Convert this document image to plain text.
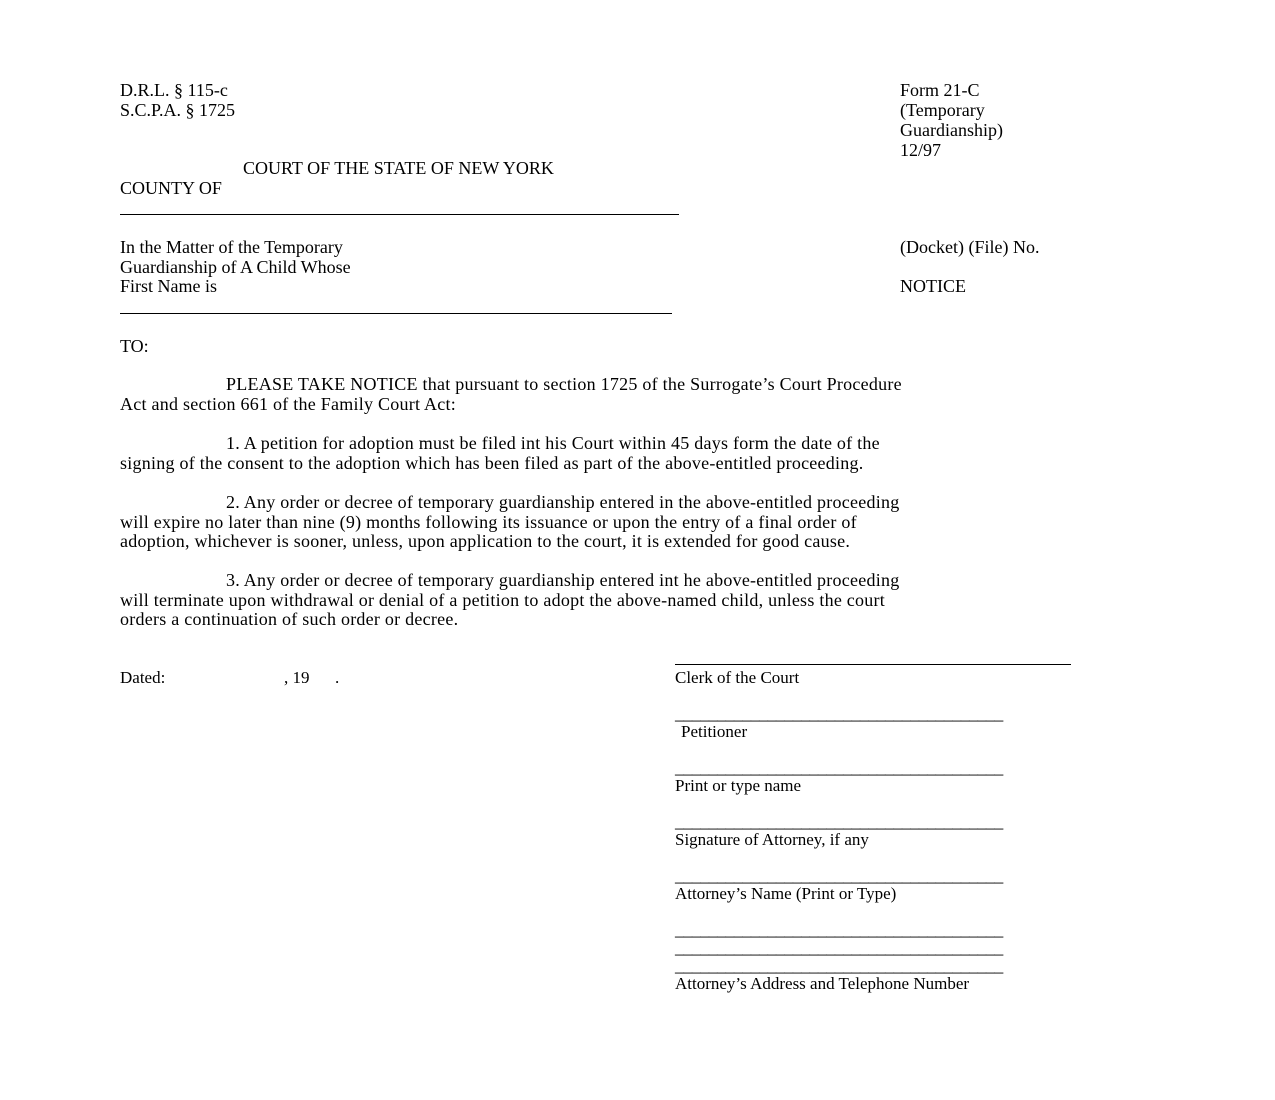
D.R.L. § 115-c
S.C.P.A. § 1725
Form 21-C
(Temporary
Guardianship)
12/97
COURT OF THE STATE OF NEW YORK
COUNTY OF
In the Matter of the Temporary
Guardianship of A Child Whose
First Name is
(Docket) (File) No.
NOTICE
TO:
PLEASE TAKE NOTICE that pursuant to section 1725 of the Surrogate’s Court Procedure
Act and section 661 of the Family Court Act:
1. A petition for adoption must be filed int his Court within 45 days form the date of the
signing of the consent to the adoption which has been filed as part of the above-entitled proceeding.
2. Any order or decree of temporary guardianship entered in the above-entitled proceeding
will expire no later than nine (9) months following its issuance or upon the entry of a final order of
adoption, whichever is sooner, unless, upon application to the court, it is extended for good cause.
3. Any order or decree of temporary guardianship entered int he above-entitled proceeding
will terminate upon withdrawal or denial of a petition to adopt the above-named child, unless the court
orders a continuation of such order or decree.
Dated:	, 19 .	Clerk of the Court
_______________________________________
Petitioner
_______________________________________
Print or type name
_______________________________________
Signature of Attorney, if any
_______________________________________
Attorney’s Name (Print or Type)
_______________________________________
_______________________________________
_______________________________________
Attorney’s Address and Telephone Number
